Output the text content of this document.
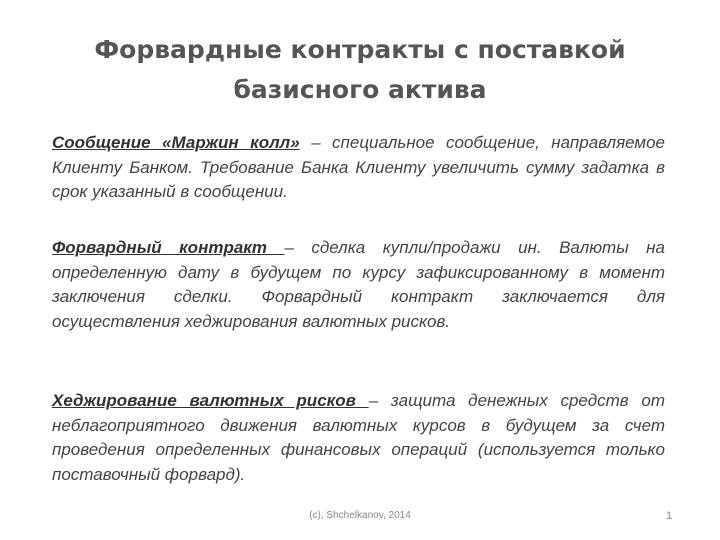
Форвардные контракты с поставкой
базисного актива

Сообщение «Маржин колл» – специальное сообщение, направляемое Клиенту Банком. Требование Банка Клиенту увеличить сумму задатка в срок указанный в сообщении.

Форвардный контракт – сделка купли/продажи ин. Валюты на определенную дату в будущем по курсу зафиксированному в момент заключения сделки. Форвардный контракт заключается для осуществления хеджирования валютных рисков.

Хеджирование валютных рисков – защита денежных средств от неблагоприятного движения валютных курсов в будущем за счет проведения определенных финансовых операций (используется только поставочный форвард).

(c), Shchelkanov, 2014	1
